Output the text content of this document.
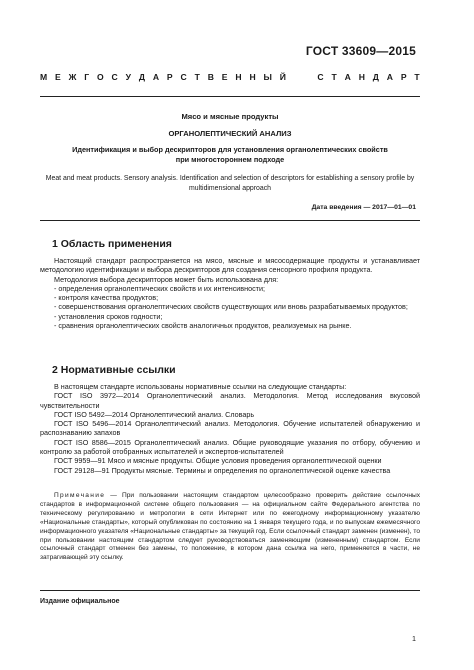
ГОСТ 33609—2015
М Е Ж Г О С У Д А Р С Т В Е Н Н Ы Й	С Т А Н Д А Р Т
Мясо и мясные продукты
ОРГАНОЛЕПТИЧЕСКИЙ АНАЛИЗ
Идентификация и выбор дескрипторов для установления органолептических свойств
при многостороннем подходе
Meat and meat products. Sensory analysis. Identification and selection of descriptors for establishing a sensory profile by
multidimensional approach
Дата введения — 2017—01—01
1 Область применения

Настоящий стандарт распространяется на мясо, мясные и мясосодержащие продукты и устанавливает методологию идентификации и выбора дескрипторов для создания сенсорного профиля продукта.

Методология выбора дескрипторов может быть использована для:

- определения органолептических свойств и их интенсивности;

- контроля качества продуктов;

- совершенствования органолептических свойств существующих или вновь разрабатываемых продуктов;

- установления сроков годности;

- сравнения органолептических свойств аналогичных продуктов, реализуемых на рынке.

2 Нормативные ссылки

В настоящем стандарте использованы нормативные ссылки на следующие стандарты:

ГОСТ ISO 3972—2014 Органолептический анализ. Методология. Метод исследования вкусовой чувствительности

ГОСТ ISO 5492—2014 Органолептический анализ. Словарь

ГОСТ ISO 5496—2014 Органолептический анализ. Методология. Обучение испытателей обнаружению и распознаванию запахов

ГОСТ ISO 8586—2015 Органолептический анализ. Общие руководящие указания по отбору, обучению и контролю за работой отобранных испытателей и экспертов-испытателей

ГОСТ 9959—91 Мясо и мясные продукты. Общие условия проведения органолептической оценки

ГОСТ 29128—91 Продукты мясные. Термины и определения по органолептической оценке качества

Примечание — При пользовании настоящим стандартом целесообразно проверить действие ссылочных стандартов в информационной системе общего пользования — на официальном сайте Федерального агентства по техническому регулированию и метрологии в сети Интернет или по ежегодному информационному указателю «Национальные стандарты», который опубликован по состоянию на 1 января текущего года, и по выпускам ежемесячного информационного указателя «Национальные стандарты» за текущий год. Если ссылочный стандарт заменен (изменен), то при пользовании настоящим стандартом следует руководствоваться заменяющим (измененным) стандартом. Если ссылочный стандарт отменен без замены, то положение, в котором дана ссылка на него, применяется в части, не затрагивающей эту ссылку.

Издание официальное
1
